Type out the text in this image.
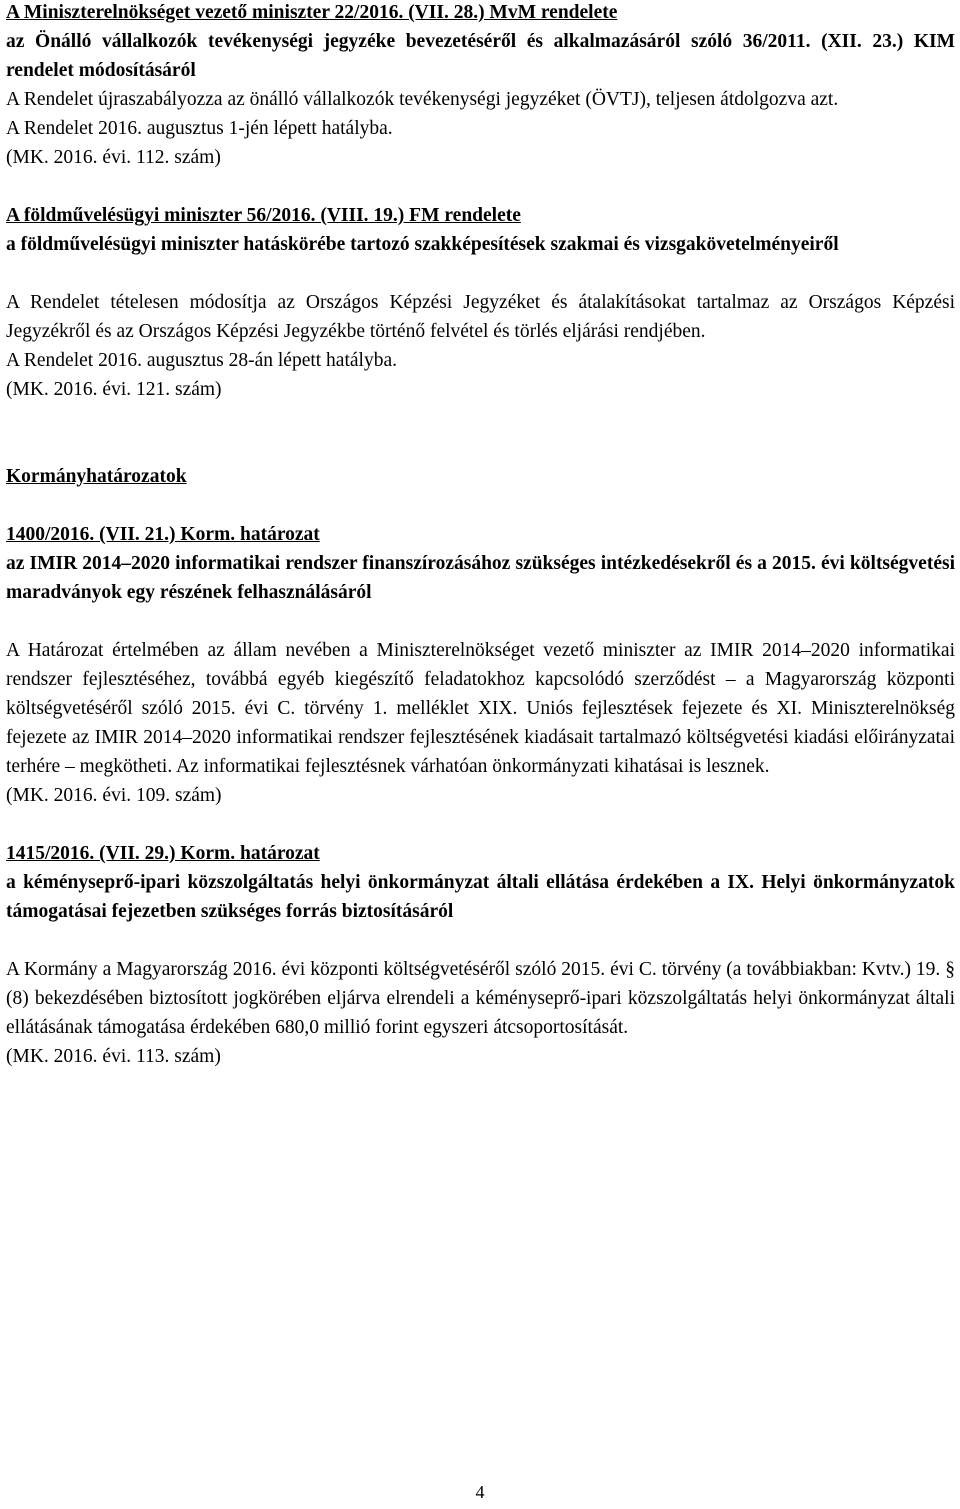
A Miniszterelnökséget vezető miniszter 22/2016. (VII. 28.) MvM rendelete

az Önálló vállalkozók tevékenységi jegyzéke bevezetéséről és alkalmazásáról szóló 36/2011. (XII. 23.) KIM rendelet módosításáról

A Rendelet újraszabályozza az önálló vállalkozók tevékenységi jegyzéket (ÖVTJ), teljesen átdolgozva azt.

A Rendelet 2016. augusztus 1-jén lépett hatályba.

(MK. 2016. évi. 112. szám)

A földművelésügyi miniszter 56/2016. (VIII. 19.) FM rendelete

a földművelésügyi miniszter hatáskörébe tartozó szakképesítések szakmai és vizsgakövetelményeiről

A Rendelet tételesen módosítja az Országos Képzési Jegyzéket és átalakításokat tartalmaz az Országos Képzési Jegyzékről és az Országos Képzési Jegyzékbe történő felvétel és törlés eljárási rendjében.

A Rendelet 2016. augusztus 28-án lépett hatályba.

(MK. 2016. évi. 121. szám)

Kormányhatározatok

1400/2016. (VII. 21.) Korm. határozat

az IMIR 2014–2020 informatikai rendszer finanszírozásához szükséges intézkedésekről és a 2015. évi költségvetési maradványok egy részének felhasználásáról

A Határozat értelmében az állam nevében a Miniszterelnökséget vezető miniszter az IMIR 2014–2020 informatikai rendszer fejlesztéséhez, továbbá egyéb kiegészítő feladatokhoz kapcsolódó szerződést – a Magyarország központi költségvetéséről szóló 2015. évi C. törvény 1. melléklet XIX. Uniós fejlesztések fejezete és XI. Miniszterelnökség fejezete az IMIR 2014–2020 informatikai rendszer fejlesztésének kiadásait tartalmazó költségvetési kiadási előirányzatai terhére – megkötheti. Az informatikai fejlesztésnek várhatóan önkormányzati kihatásai is lesznek.

(MK. 2016. évi. 109. szám)

1415/2016. (VII. 29.) Korm. határozat

a kéményseprő-ipari közszolgáltatás helyi önkormányzat általi ellátása érdekében a IX. Helyi önkormányzatok támogatásai fejezetben szükséges forrás biztosításáról

A Kormány a Magyarország 2016. évi központi költségvetéséről szóló 2015. évi C. törvény (a továbbiakban: Kvtv.) 19. § (8) bekezdésében biztosított jogkörében eljárva elrendeli a kéményseprő-ipari közszolgáltatás helyi önkormányzat általi ellátásának támogatása érdekében 680,0 millió forint egyszeri átcsoportosítását.

(MK. 2016. évi. 113. szám)

4
